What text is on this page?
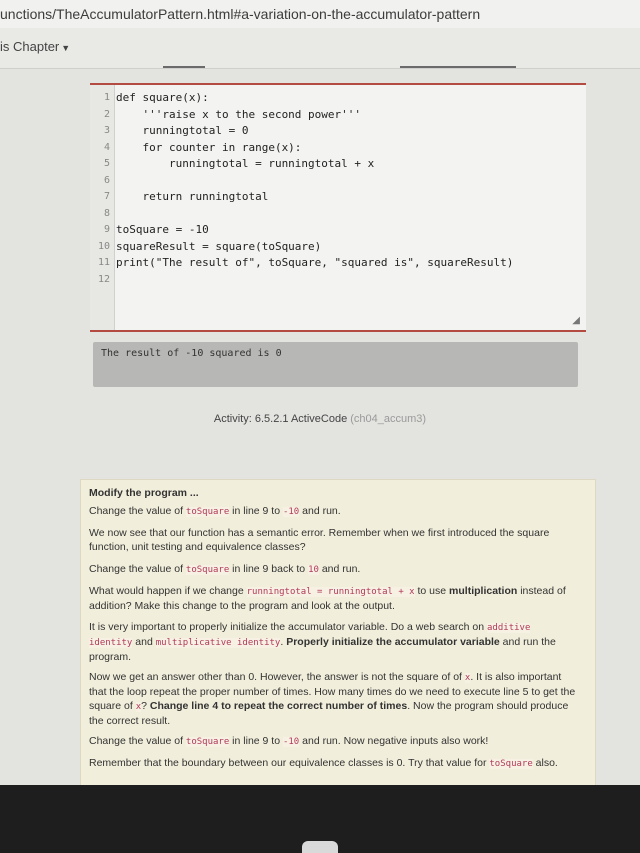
unctions/TheAccumulatorPattern.html#a-variation-on-the-accumulator-pattern
is Chapter ▼
1 def square(x):
2 '''raise x to the second power'''
3 runningtotal = 0
4 for counter in range(x):
5 runningtotal = runningtotal + x
6
7 return runningtotal
8
9 toSquare = -10
10 squareResult = square(toSquare)
11 print("The result of", toSquare, "squared is", squareResult)
12
◢
The result of -10 squared is 0
Activity: 6.5.2.1 ActiveCode (ch04_accum3)

Modify the program ...

Change the value of toSquare in line 9 to -10 and run.

We now see that our function has a semantic error. Remember when we first introduced the square function, unit testing and equivalence classes?

Change the value of toSquare in line 9 back to 10 and run.

What would happen if we change runningtotal = runningtotal + x to use multiplication instead of addition? Make this change to the program and look at the output.

It is very important to properly initialize the accumulator variable. Do a web search on additive identity and multiplicative identity. Properly initialize the accumulator variable and run the program.

Now we get an answer other than 0. However, the answer is not the square of of x. It is also important that the loop repeat the proper number of times. How many times do we need to execute line 5 to get the square of x? Change line 4 to repeat the correct number of times. Now the program should produce the correct result.

Change the value of toSquare in line 9 to -10 and run. Now negative inputs also work!

Remember that the boundary between our equivalence classes is 0. Try that value for toSquare also.
